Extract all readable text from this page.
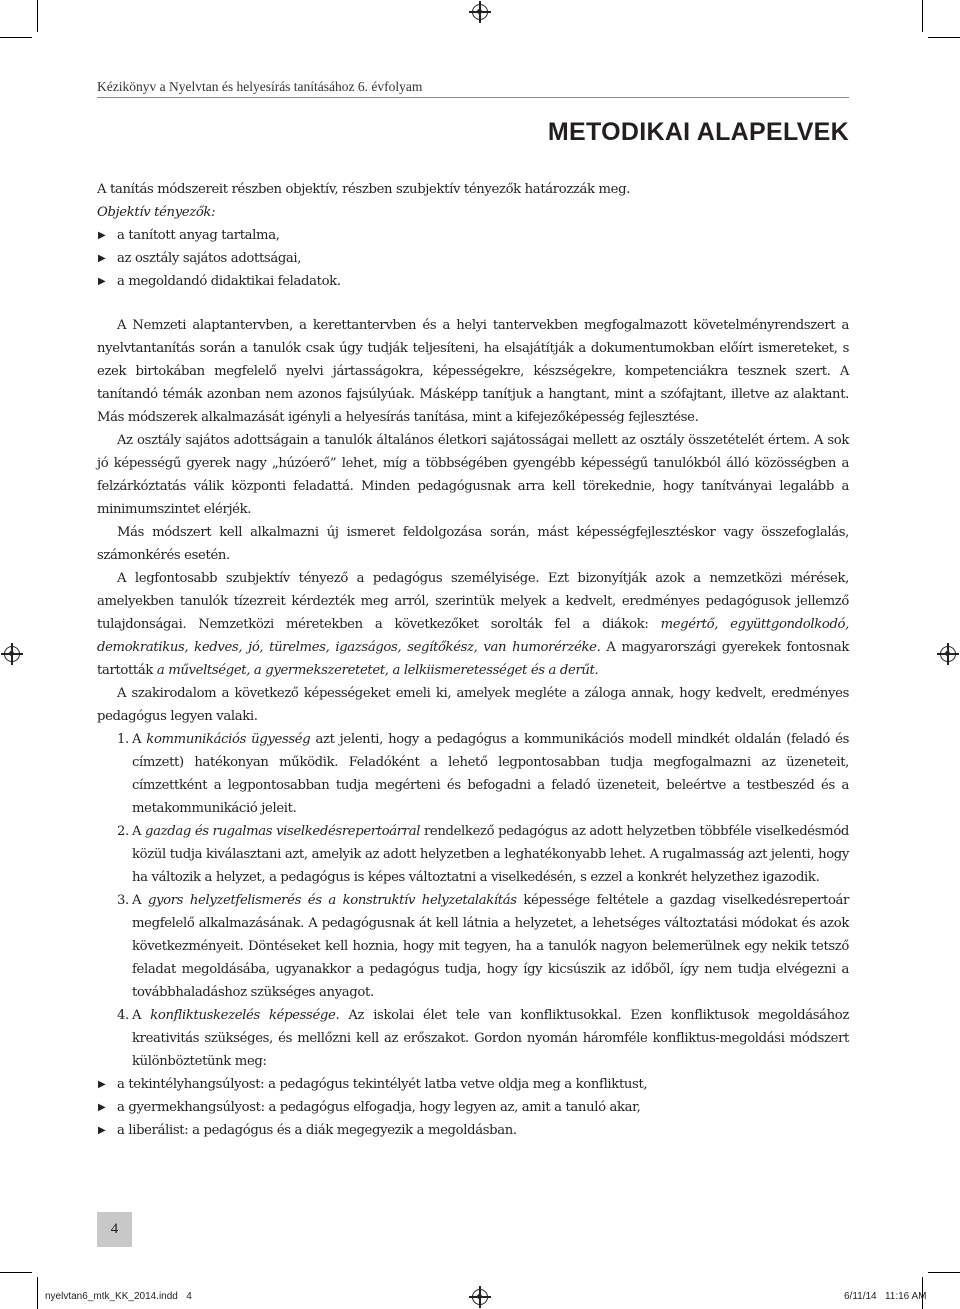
Kézikönyv a Nyelvtan és helyesírás tanításához 6. évfolyam
METODIKAI ALAPELVEK

A tanítás módszereit részben objektív, részben szubjektív tényezők határozzák meg.

Objektív tényezők:

▶ a tanított anyag tartalma,
▶ az osztály sajátos adottságai,
▶ a megoldandó didaktikai feladatok.

A Nemzeti alaptantervben, a kerettantervben és a helyi tantervekben megfogalmazott követelményrendszert a nyelvtantanítás során a tanulók csak úgy tudják teljesíteni, ha elsajátítják a dokumentumokban előírt ismereteket, s ezek birtokában megfelelő nyelvi jártasságokra, képességekre, készségekre, kompetenciákra tesznek szert. A tanítandó témák azonban nem azonos fajsúlyúak. Másképp tanítjuk a hangtant, mint a szófajtant, illetve az alaktant. Más módszerek alkalmazását igényli a helyesírás tanítása, mint a kifejezőképesség fejlesztése.

Az osztály sajátos adottságain a tanulók általános életkori sajátosságai mellett az osztály összetételét értem. A sok jó képességű gyerek nagy „húzóerő” lehet, míg a többségében gyengébb képességű tanulókból álló közösségben a felzárkóztatás válik központi feladattá. Minden pedagógusnak arra kell törekednie, hogy tanítványai legalább a minimumszintet elérjék.

Más módszert kell alkalmazni új ismeret feldolgozása során, mást képességfejlesztéskor vagy összefoglalás, számonkérés esetén.

A legfontosabb szubjektív tényező a pedagógus személyisége. Ezt bizonyítják azok a nemzetközi mérések, amelyekben tanulók tízezreit kérdezték meg arról, szerintük melyek a kedvelt, eredményes pedagógusok jellemző tulajdonságai. Nemzetközi méretekben a következőket sorolták fel a diákok: megértő, együttgondolkodó, demokratikus, kedves, jó, türelmes, igazságos, segítőkész, van humorérzéke. A magyarországi gyerekek fontosnak tartották a műveltséget, a gyermekszeretetet, a lelkiismeretességet és a derűt.

A szakirodalom a következő képességeket emeli ki, amelyek megléte a záloga annak, hogy kedvelt, eredményes pedagógus legyen valaki.

1. A kommunikációs ügyesség azt jelenti, hogy a pedagógus a kommunikációs modell mindkét oldalán (feladó és címzett) hatékonyan működik. Feladóként a lehető legpontosabban tudja megfogalmazni az üzeneteit, címzettként a legpontosabban tudja megérteni és befogadni a feladó üzeneteit, beleértve a testbeszéd és a metakommunikáció jeleit.
2. A gazdag és rugalmas viselkedésrepertoárral rendelkező pedagógus az adott helyzetben többféle viselkedésmód közül tudja kiválasztani azt, amelyik az adott helyzetben a leghatékonyabb lehet. A rugalmasság azt jelenti, hogy ha változik a helyzet, a pedagógus is képes változtatni a viselkedésén, s ezzel a konkrét helyzethez igazodik.
3. A gyors helyzetfelismerés és a konstruktív helyzetalakítás képessége feltétele a gazdag viselkedésrepertoár megfelelő alkalmazásának. A pedagógusnak át kell látnia a helyzetet, a lehetséges változtatási módokat és azok következményeit. Döntéseket kell hoznia, hogy mit tegyen, ha a tanulók nagyon belemerülnek egy nekik tetsző feladat megoldásába, ugyanakkor a pedagógus tudja, hogy így kicsúszik az időből, így nem tudja elvégezni a továbbhaladáshoz szükséges anyagot.
4. A konfliktuskezelés képessége. Az iskolai élet tele van konfliktusokkal. Ezen konfliktusok megoldásához kreativitás szükséges, és mellőzni kell az erőszakot. Gordon nyomán háromféle konfliktus-megoldási módszert különböztetünk meg:
▶ a tekintélyhangsúlyost: a pedagógus tekintélyét latba vetve oldja meg a konfliktust,
▶ a gyermekhangsúlyost: a pedagógus elfogadja, hogy legyen az, amit a tanuló akar,
▶ a liberálist: a pedagógus és a diák megegyezik a megoldásban.
4
nyelvtan6_mtk_KK_2014.indd   4	6/11/14   11:16 AM
